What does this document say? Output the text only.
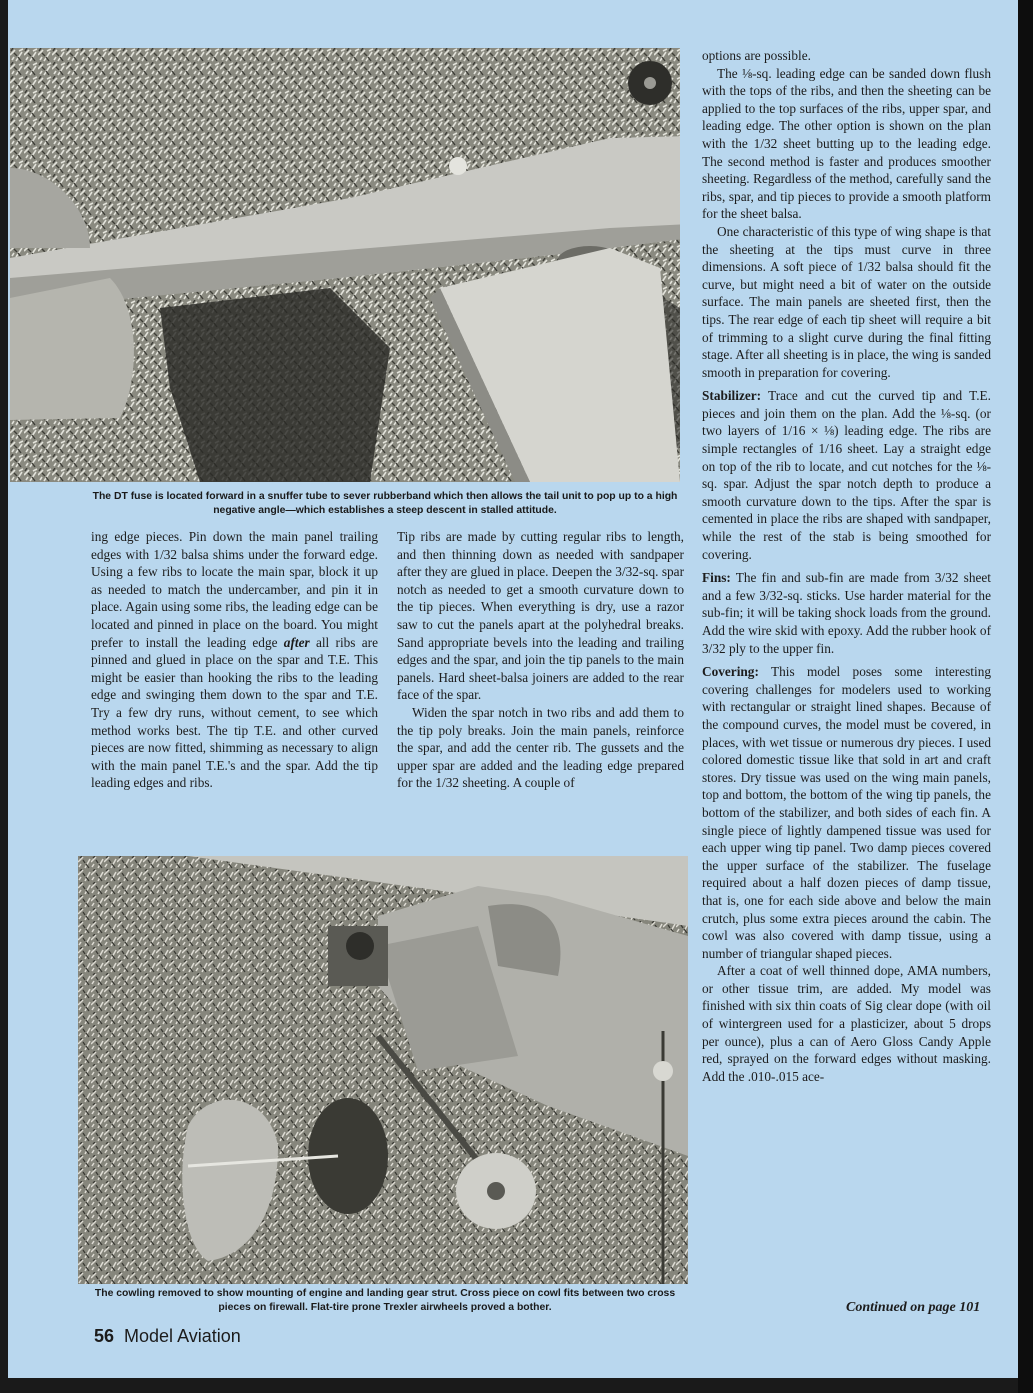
The DT fuse is located forward in a snuffer tube to sever rubberband which then allows the tail unit to pop up to a high negative angle—which establishes a steep descent in stalled attitude.

ing edge pieces. Pin down the main panel trailing edges with 1/32 balsa shims under the forward edge. Using a few ribs to locate the main spar, block it up as needed to match the undercamber, and pin it in place. Again using some ribs, the leading edge can be located and pinned in place on the board. You might prefer to install the leading edge after all ribs are pinned and glued in place on the spar and T.E. This might be easier than hooking the ribs to the leading edge and swinging them down to the spar and T.E. Try a few dry runs, without cement, to see which method works best. The tip T.E. and other curved pieces are now fitted, shimming as necessary to align with the main panel T.E.'s and the spar. Add the tip leading edges and ribs.

Tip ribs are made by cutting regular ribs to length, and then thinning down as needed with sandpaper after they are glued in place. Deepen the 3/32-sq. spar notch as needed to get a smooth curvature down to the tip pieces. When everything is dry, use a razor saw to cut the panels apart at the polyhedral breaks. Sand appropriate bevels into the leading and trailing edges and the spar, and join the tip panels to the main panels. Hard sheet-balsa joiners are added to the rear face of the spar.

Widen the spar notch in two ribs and add them to the tip poly breaks. Join the main panels, reinforce the spar, and add the center rib. The gussets and the upper spar are added and the leading edge prepared for the 1/32 sheeting. A couple of

The cowling removed to show mounting of engine and landing gear strut. Cross piece on cowl fits between two cross pieces on firewall. Flat-tire prone Trexler airwheels proved a bother.

options are possible.

The ⅛-sq. leading edge can be sanded down flush with the tops of the ribs, and then the sheeting can be applied to the top surfaces of the ribs, upper spar, and leading edge. The other option is shown on the plan with the 1/32 sheet butting up to the leading edge. The second method is faster and produces smoother sheeting. Regardless of the method, carefully sand the ribs, spar, and tip pieces to provide a smooth platform for the sheet balsa.

One characteristic of this type of wing shape is that the sheeting at the tips must curve in three dimensions. A soft piece of 1/32 balsa should fit the curve, but might need a bit of water on the outside surface. The main panels are sheeted first, then the tips. The rear edge of each tip sheet will require a bit of trimming to a slight curve during the final fitting stage. After all sheeting is in place, the wing is sanded smooth in preparation for covering.

Stabilizer: Trace and cut the curved tip and T.E. pieces and join them on the plan. Add the ⅛-sq. (or two layers of 1/16 × ⅛) leading edge. The ribs are simple rectangles of 1/16 sheet. Lay a straight edge on top of the rib to locate, and cut notches for the ⅛-sq. spar. Adjust the spar notch depth to produce a smooth curvature down to the tips. After the spar is cemented in place the ribs are shaped with sandpaper, while the rest of the stab is being smoothed for covering.

Fins: The fin and sub-fin are made from 3/32 sheet and a few 3/32-sq. sticks. Use harder material for the sub-fin; it will be taking shock loads from the ground. Add the wire skid with epoxy. Add the rubber hook of 3/32 ply to the upper fin.

Covering: This model poses some interesting covering challenges for modelers used to working with rectangular or straight lined shapes. Because of the compound curves, the model must be covered, in places, with wet tissue or numerous dry pieces. I used colored domestic tissue like that sold in art and craft stores. Dry tissue was used on the wing main panels, top and bottom, the bottom of the wing tip panels, the bottom of the stabilizer, and both sides of each fin. A single piece of lightly dampened tissue was used for each upper wing tip panel. Two damp pieces covered the upper surface of the stabilizer. The fuselage required about a half dozen pieces of damp tissue, that is, one for each side above and below the main crutch, plus some extra pieces around the cabin. The cowl was also covered with damp tissue, using a number of triangular shaped pieces.

After a coat of well thinned dope, AMA numbers, or other tissue trim, are added. My model was finished with six thin coats of Sig clear dope (with oil of wintergreen used for a plasticizer, about 5 drops per ounce), plus a can of Aero Gloss Candy Apple red, sprayed on the forward edges without masking. Add the .010-.015 ace-

Continued on page 101
56 Model Aviation
